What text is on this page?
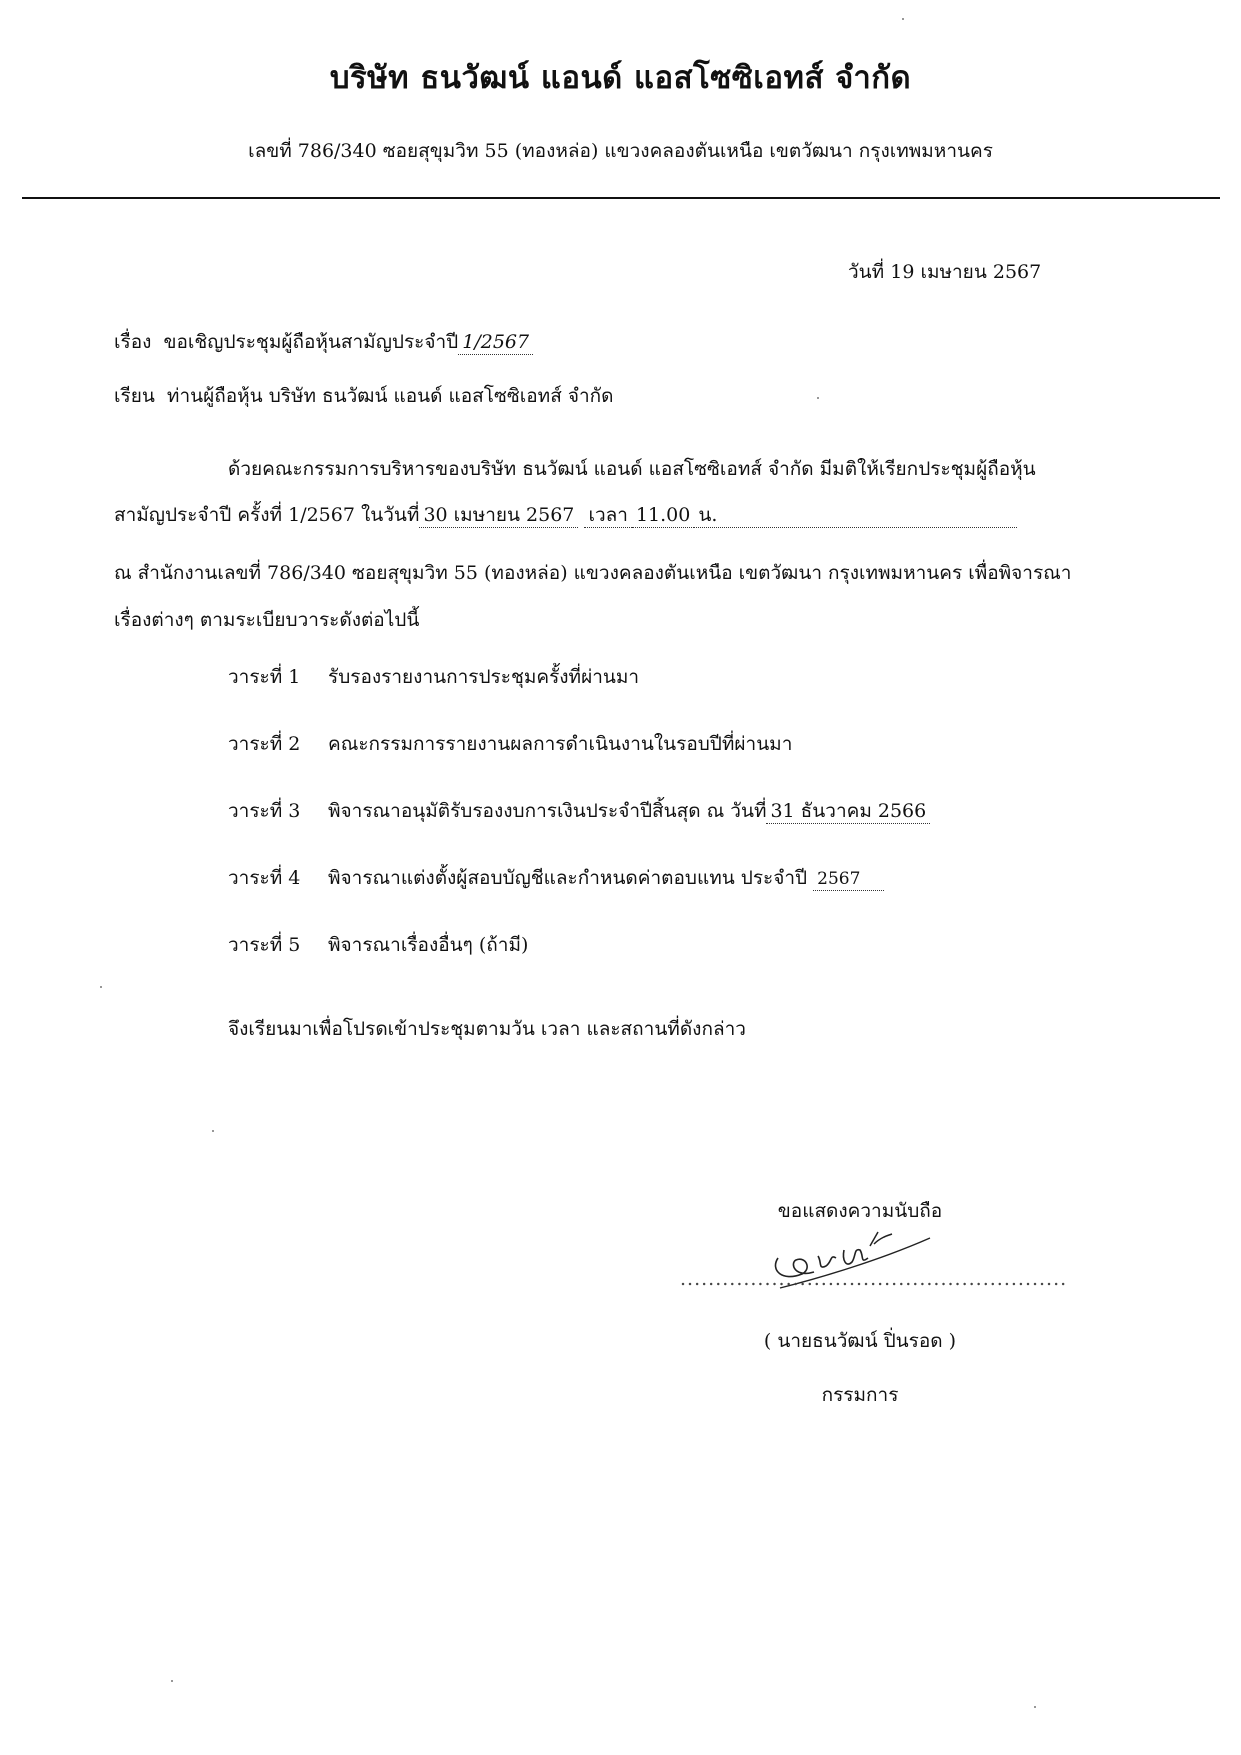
บริษัท ธนวัฒน์ แอนด์ แอสโซซิเอทส์ จำกัด
เลขที่ 786/340 ซอยสุขุมวิท 55 (ทองหล่อ) แขวงคลองตันเหนือ เขตวัฒนา กรุงเทพมหานคร
วันที่ 19 เมษายน 2567
เรื่อง ขอเชิญประชุมผู้ถือหุ้นสามัญประจำปี 1/2567
เรียน ท่านผู้ถือหุ้น บริษัท ธนวัฒน์ แอนด์ แอสโซซิเอทส์ จำกัด
ด้วยคณะกรรมการบริหารของบริษัท ธนวัฒน์ แอนด์ แอสโซซิเอทส์ จำกัด มีมติให้เรียกประชุมผู้ถือหุ้น
สามัญประจำปี ครั้งที่ 1/2567 ในวันที่ 30 เมษายน 2567 เวลา 11.00 น.
ณ สำนักงานเลขที่ 786/340 ซอยสุขุมวิท 55 (ทองหล่อ) แขวงคลองตันเหนือ เขตวัฒนา กรุงเทพมหานคร เพื่อพิจารณา
เรื่องต่างๆ ตามระเบียบวาระดังต่อไปนี้
วาระที่ 1 รับรองรายงานการประชุมครั้งที่ผ่านมา
วาระที่ 2 คณะกรรมการรายงานผลการดำเนินงานในรอบปีที่ผ่านมา
วาระที่ 3 พิจารณาอนุมัติรับรองงบการเงินประจำปีสิ้นสุด ณ วันที่ 31 ธันวาคม 2566
วาระที่ 4 พิจารณาแต่งตั้งผู้สอบบัญชีและกำหนดค่าตอบแทน ประจำปี 2567
วาระที่ 5 พิจารณาเรื่องอื่นๆ (ถ้ามี)
จึงเรียนมาเพื่อโปรดเข้าประชุมตามวัน เวลา และสถานที่ดังกล่าว
ขอแสดงความนับถือ
.......................................................
( นายธนวัฒน์ ปิ่นรอด )
กรรมการ
